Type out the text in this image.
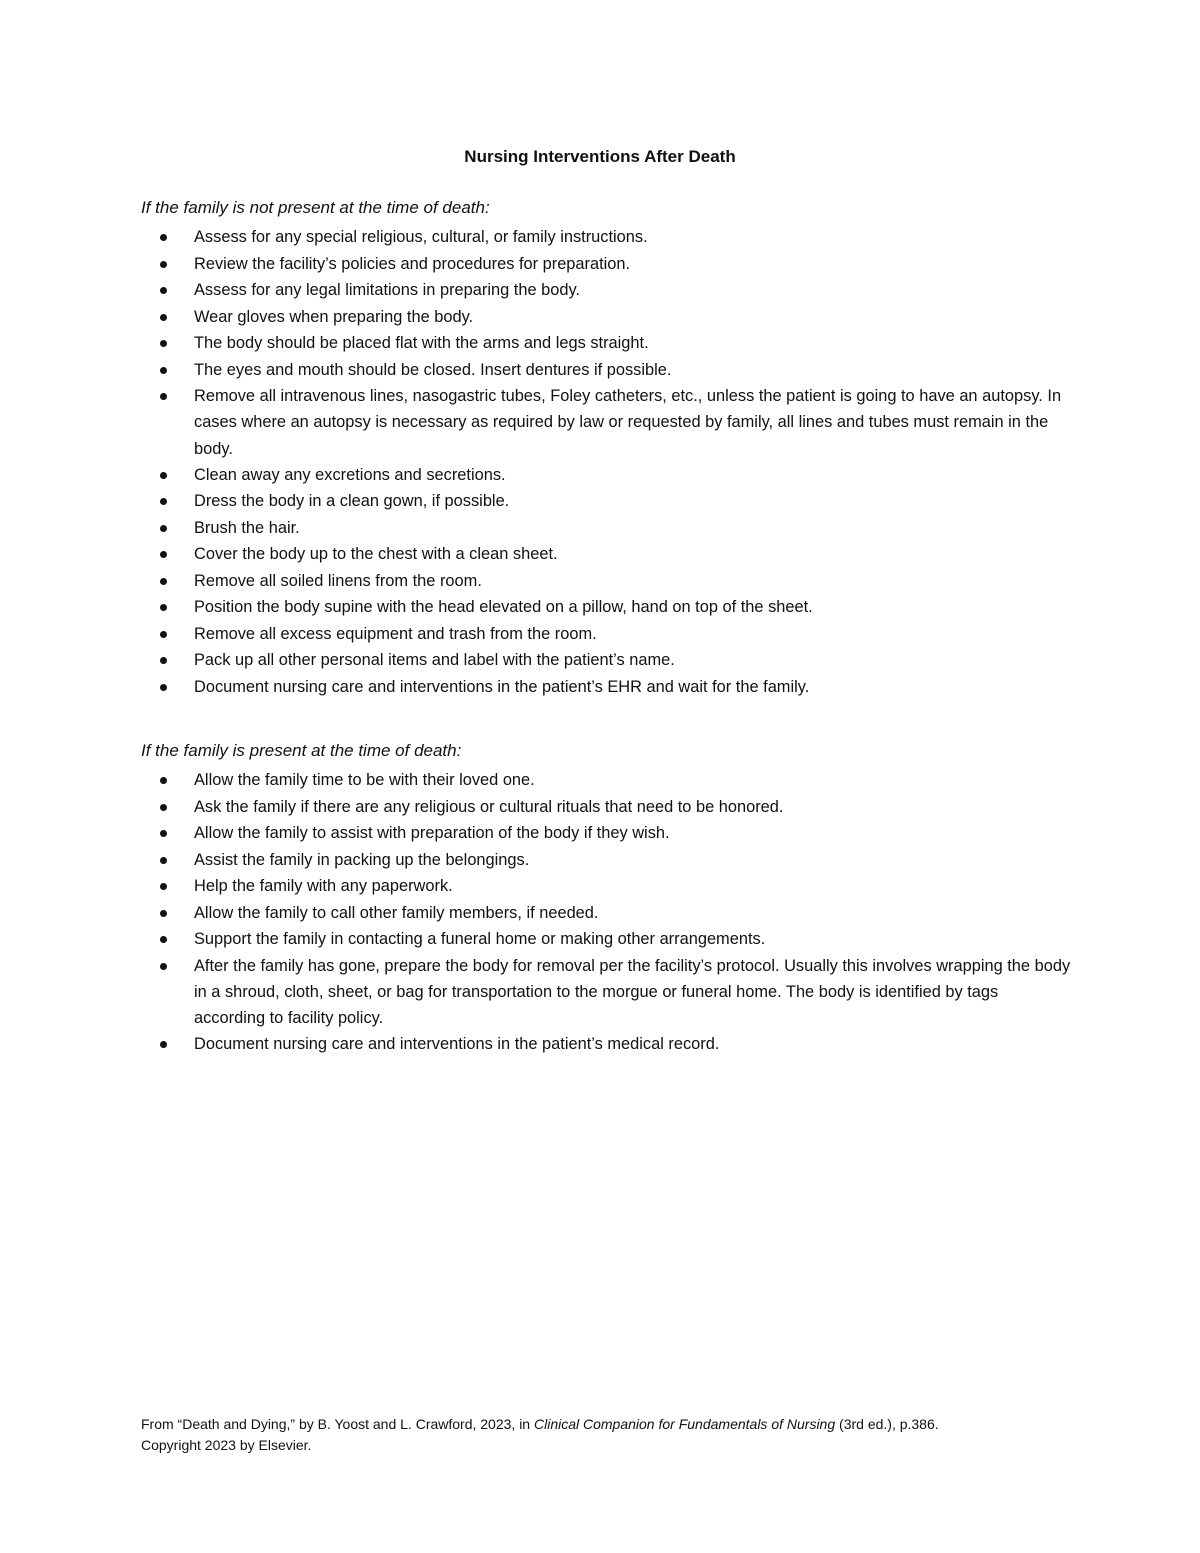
Nursing Interventions After Death

If the family is not present at the time of death:

Assess for any special religious, cultural, or family instructions.
Review the facility’s policies and procedures for preparation.
Assess for any legal limitations in preparing the body.
Wear gloves when preparing the body.
The body should be placed flat with the arms and legs straight.
The eyes and mouth should be closed. Insert dentures if possible.
Remove all intravenous lines, nasogastric tubes, Foley catheters, etc., unless the patient is going to have an autopsy. In cases where an autopsy is necessary as required by law or requested by family, all lines and tubes must remain in the body.
Clean away any excretions and secretions.
Dress the body in a clean gown, if possible.
Brush the hair.
Cover the body up to the chest with a clean sheet.
Remove all soiled linens from the room.
Position the body supine with the head elevated on a pillow, hand on top of the sheet.
Remove all excess equipment and trash from the room.
Pack up all other personal items and label with the patient’s name.
Document nursing care and interventions in the patient’s EHR and wait for the family.

If the family is present at the time of death:

Allow the family time to be with their loved one.
Ask the family if there are any religious or cultural rituals that need to be honored.
Allow the family to assist with preparation of the body if they wish.
Assist the family in packing up the belongings.
Help the family with any paperwork.
Allow the family to call other family members, if needed.
Support the family in contacting a funeral home or making other arrangements.
After the family has gone, prepare the body for removal per the facility’s protocol. Usually this involves wrapping the body in a shroud, cloth, sheet, or bag for transportation to the morgue or funeral home. The body is identified by tags according to facility policy.
Document nursing care and interventions in the patient’s medical record.
From “Death and Dying,” by B. Yoost and L. Crawford, 2023, in Clinical Companion for Fundamentals of Nursing (3rd ed.), p.386.
Copyright 2023 by Elsevier.
